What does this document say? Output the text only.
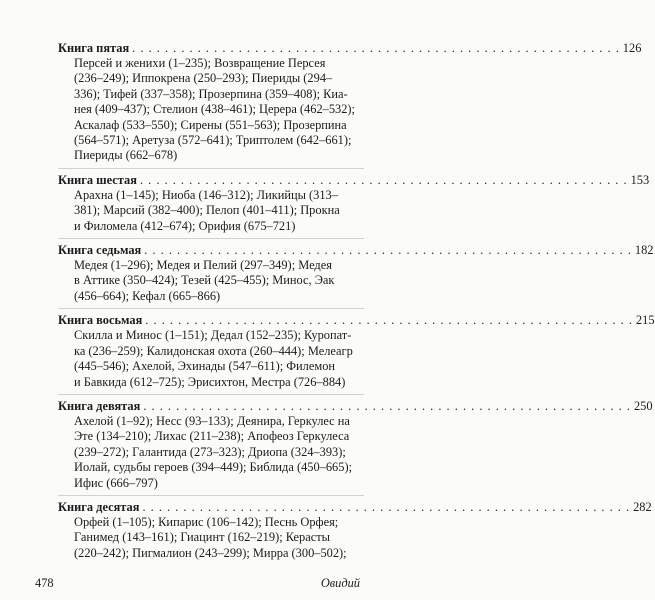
Книга пятая . . . . . . . . . . . . . . . . . . . . . . . . . . . . . . . . . . . . . . . . . . . . . . . . . . . . . . . . . . . . 126
Персей и женихи (1–235); Возвращение Персея
(236–249); Иппокрена (250–293); Пиериды (294–
336); Тифей (337–358); Прозерпина (359–408); Киа-
нея (409–437); Стелион (438–461); Церера (462–532);
Аскалаф (533–550); Сирены (551–563); Прозерпина
(564–571); Аретуза (572–641); Триптолем (642–661);
Пиериды (662–678)
Книга шестая . . . . . . . . . . . . . . . . . . . . . . . . . . . . . . . . . . . . . . . . . . . . . . . . . . . . . . . . . . . . 153
Арахна (1–145); Ниоба (146–312); Ликийцы (313–
381); Марсий (382–400); Пелоп (401–411); Прокна
и Филомела (412–674); Орифия (675–721)
Книга седьмая . . . . . . . . . . . . . . . . . . . . . . . . . . . . . . . . . . . . . . . . . . . . . . . . . . . . . . . . . . . . 182
Медея (1–296); Медея и Пелий (297–349); Медея
в Аттике (350–424); Тезей (425–455); Минос, Эак
(456–664); Кефал (665–866)
Книга восьмая . . . . . . . . . . . . . . . . . . . . . . . . . . . . . . . . . . . . . . . . . . . . . . . . . . . . . . . . . . . . 215
Скилла и Минос (1–151); Дедал (152–235); Куропат-
ка (236–259); Калидонская охота (260–444); Мелеагр
(445–546); Ахелой, Эхинады (547–611); Филемон
и Бавкида (612–725); Эрисихтон, Местра (726–884)
Книга девятая . . . . . . . . . . . . . . . . . . . . . . . . . . . . . . . . . . . . . . . . . . . . . . . . . . . . . . . . . . . . 250
Ахелой (1–92); Несс (93–133); Деянира, Геркулес на
Эте (134–210); Лихас (211–238); Апофеоз Геркулеса
(239–272); Галантида (273–323); Дриопа (324–393);
Иолай, судьбы героев (394–449); Библида (450–665);
Ифис (666–797)
Книга десятая . . . . . . . . . . . . . . . . . . . . . . . . . . . . . . . . . . . . . . . . . . . . . . . . . . . . . . . . . . . . 282
Орфей (1–105); Кипарис (106–142); Песнь Орфея;
Ганимед (143–161); Гиацинт (162–219); Керасты
(220–242); Пигмалион (243–299); Мирра (300–502);
478	Овидий
